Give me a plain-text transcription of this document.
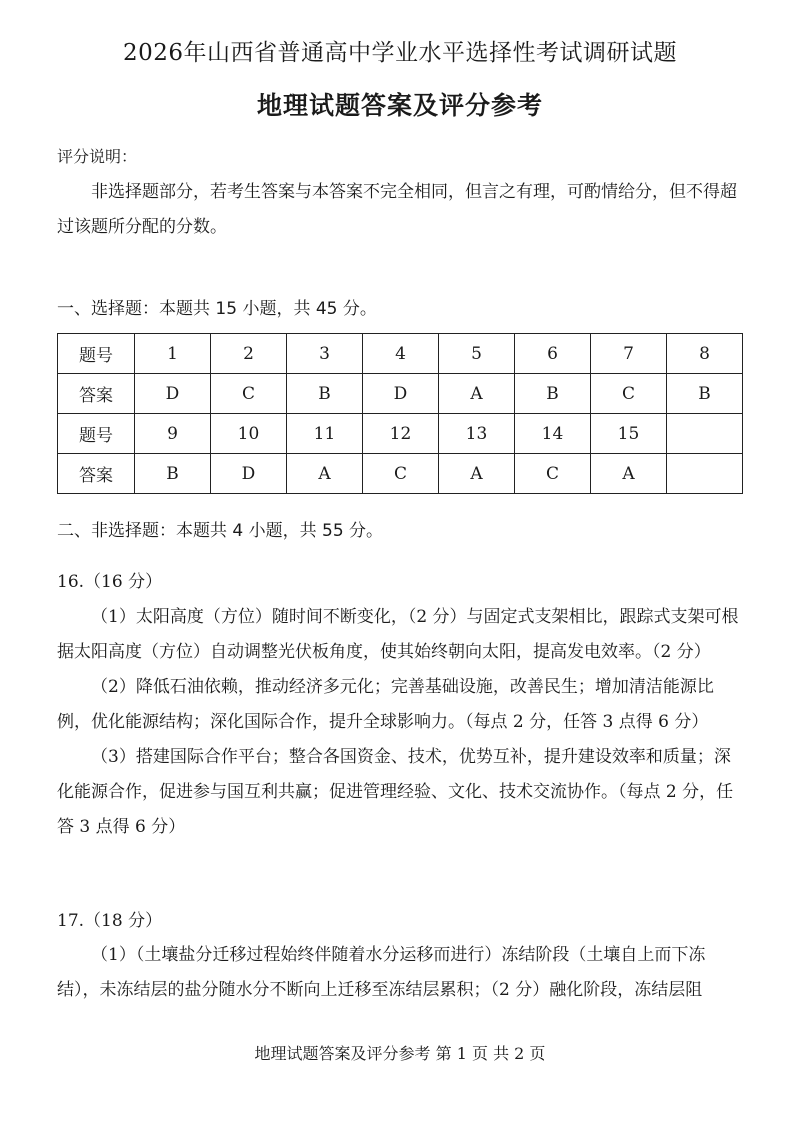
2026年山西省普通高中学业水平选择性考试调研试题
地理试题答案及评分参考
评分说明：
非选择题部分，若考生答案与本答案不完全相同，但言之有理，可酌情给分，但不得超过该题所分配的分数。
一、选择题：本题共 15 小题，共 45 分。
题号	1	2	3	4	5	6	7	8
答案	D	C	B	D	A	B	C	B
题号	9	10	11	12	13	14	15	
答案	B	D	A	C	A	C	A	
二、非选择题：本题共 4 小题，共 55 分。
16.（16 分）

（1）太阳高度（方位）随时间不断变化，（2 分）与固定式支架相比，跟踪式支架可根据太阳高度（方位）自动调整光伏板角度，使其始终朝向太阳，提高发电效率。（2 分）

（2）降低石油依赖，推动经济多元化；完善基础设施，改善民生；增加清洁能源比例，优化能源结构；深化国际合作，提升全球影响力。（每点 2 分，任答 3 点得 6 分）

（3）搭建国际合作平台；整合各国资金、技术，优势互补，提升建设效率和质量；深化能源合作，促进参与国互利共赢；促进管理经验、文化、技术交流协作。（每点 2 分，任答 3 点得 6 分）

17.（18 分）

（1）（土壤盐分迁移过程始终伴随着水分运移而进行）冻结阶段（土壤自上而下冻结），未冻结层的盐分随水分不断向上迁移至冻结层累积；（2 分）融化阶段，冻结层阻

地理试题答案及评分参考 第 1 页 共 2 页
